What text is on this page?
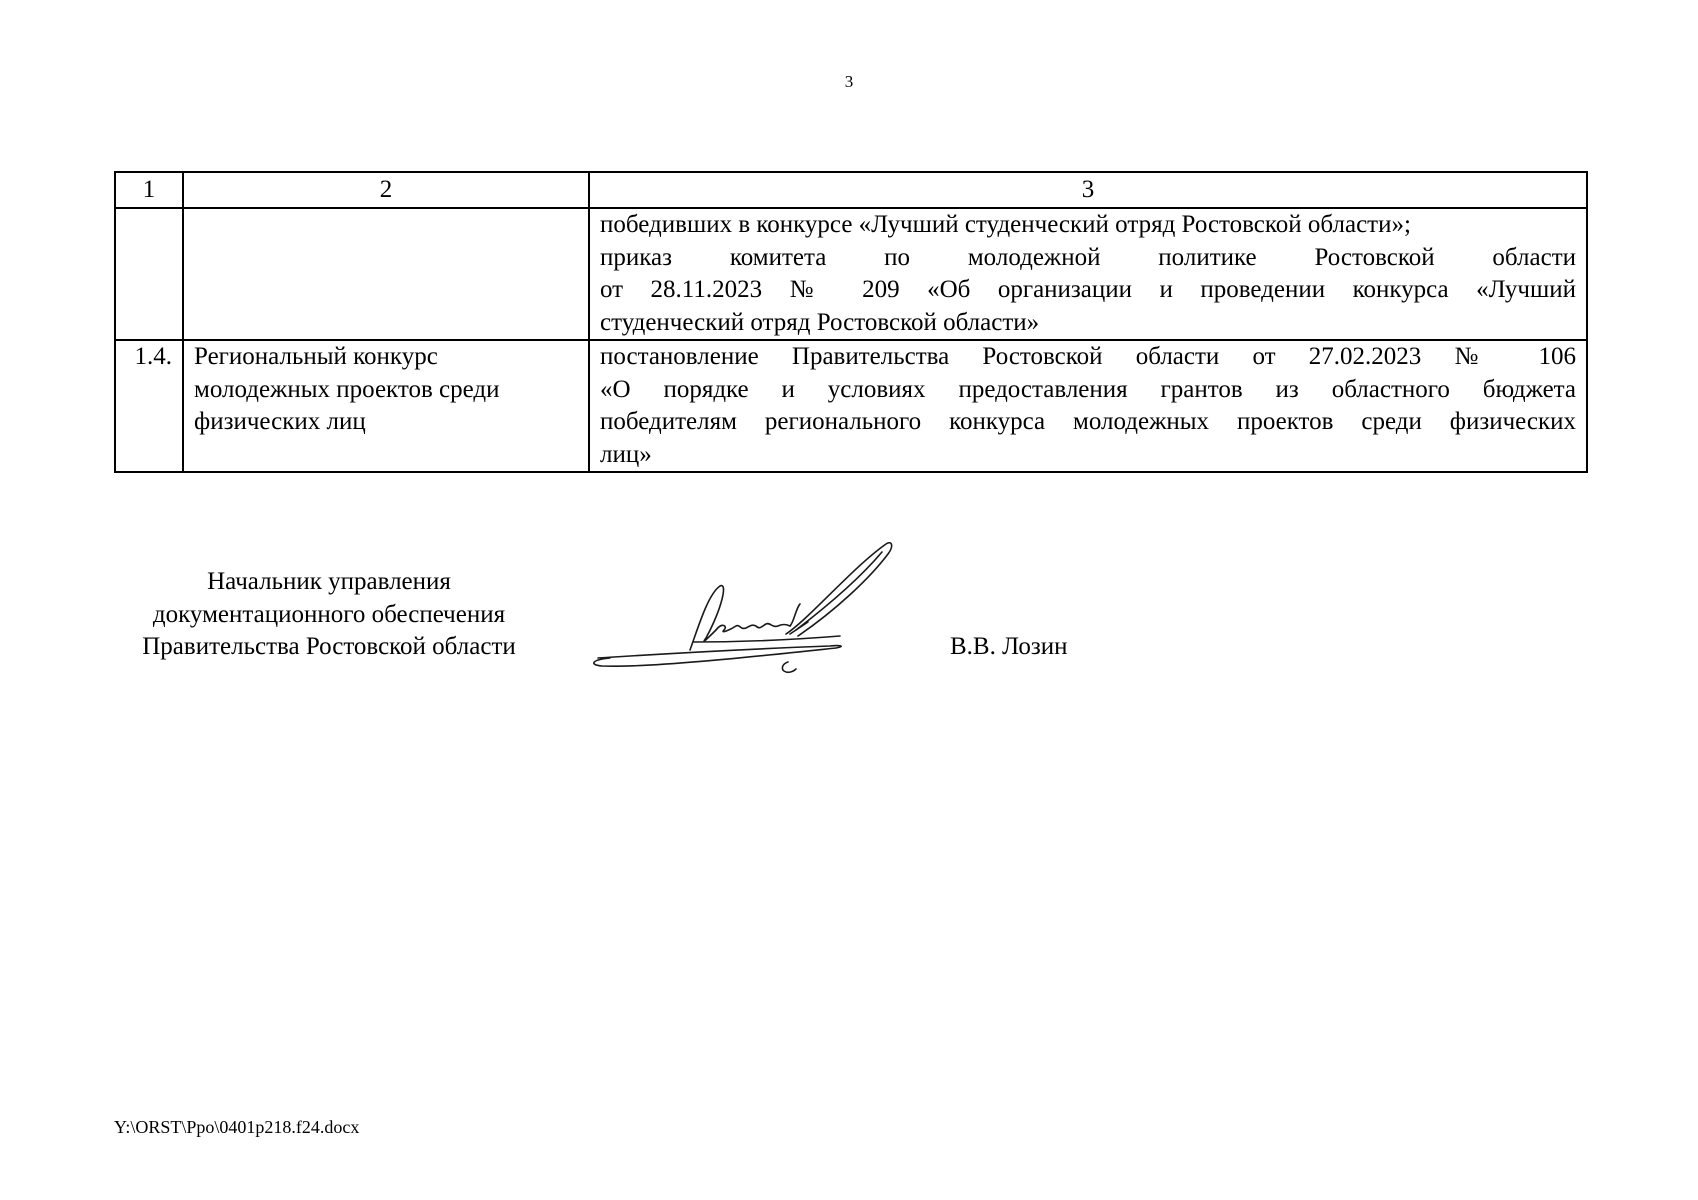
3
1	2	3

		победивших в конкурсе «Лучший студенческий отряд Ростовской области»;
приказ комитета по молодежной политике Ростовской области
от 28.11.2023 № 209 «Об организации и проведении конкурса «Лучший
студенческий отряд Ростовской области»

1.4.	Региональный конкурс молодежных проектов среди физических лиц	постановление Правительства Ростовской области от 27.02.2023 № 106
«О порядке и условиях предоставления грантов из областного бюджета
победителям регионального конкурса молодежных проектов среди физических
лиц»
Начальник управления
документационного обеспечения
Правительства Ростовской области	В.В. Лозин
Y:\ORST\Ppo\0401p218.f24.docx
